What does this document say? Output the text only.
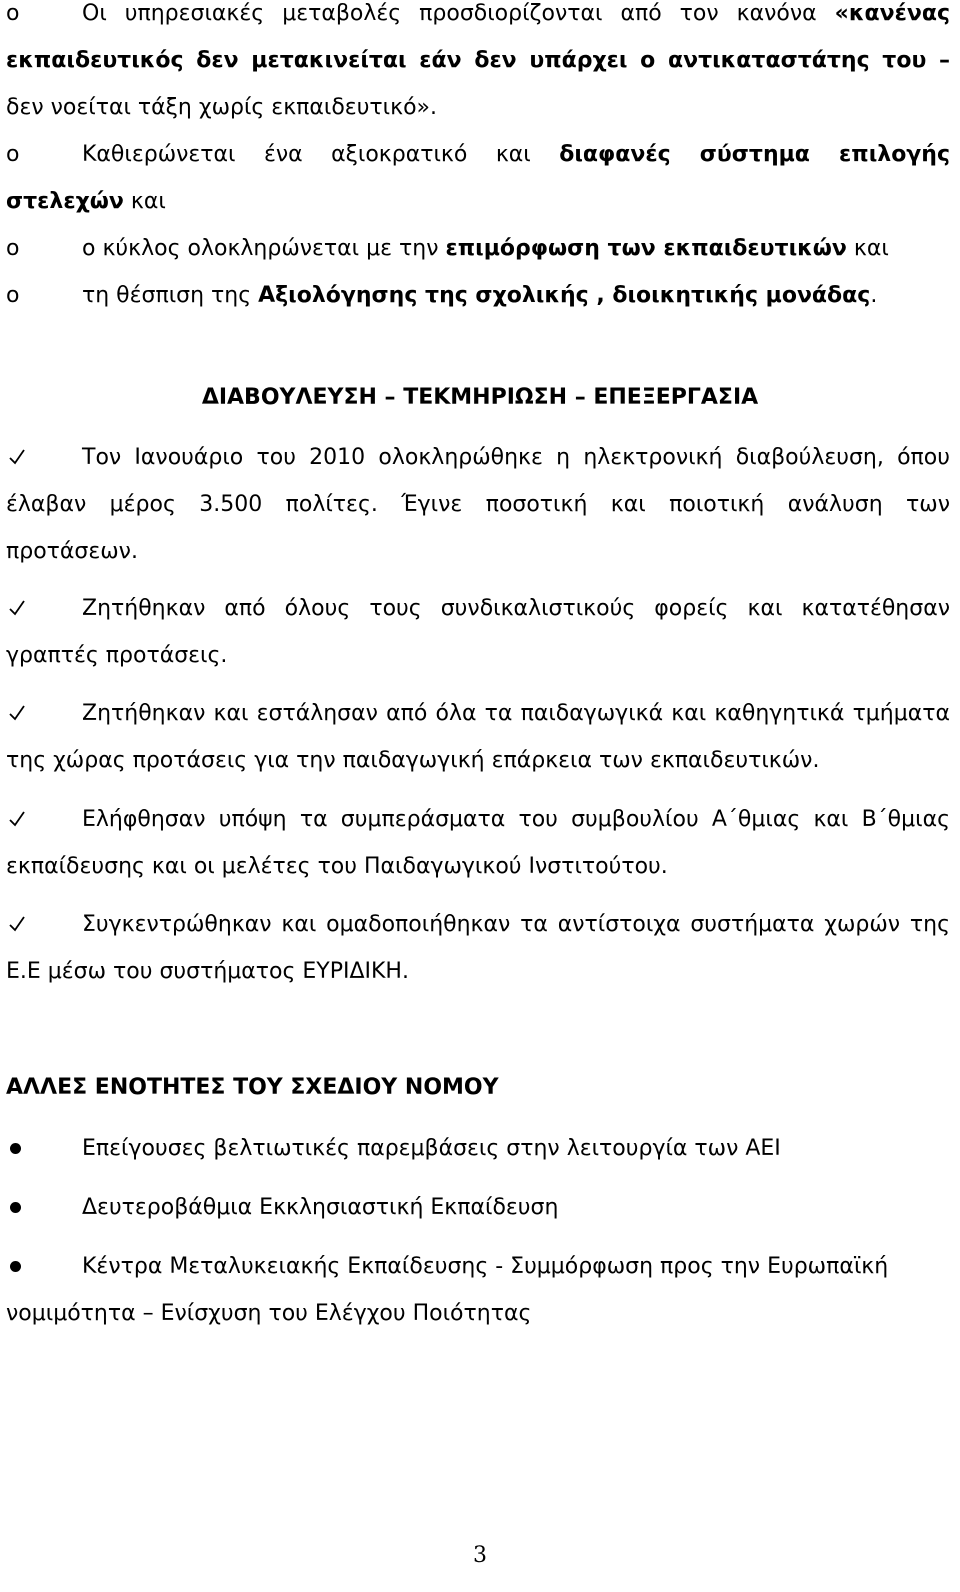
o	Οι υπηρεσιακές μεταβολές προσδιορίζονται από τον κανόνα «κανένας
εκπαιδευτικός δεν μετακινείται εάν δεν υπάρχει ο αντικαταστάτης του –
δεν νοείται τάξη χωρίς εκπαιδευτικό».
o	Καθιερώνεται ένα αξιοκρατικό και διαφανές σύστημα επιλογής
στελεχών και
o	ο κύκλος ολοκληρώνεται με την επιμόρφωση των εκπαιδευτικών και
o	τη θέσπιση της Αξιολόγησης της σχολικής , διοικητικής μονάδας.
ΔΙΑΒΟΥΛΕΥΣΗ – ΤΕΚΜΗΡΙΩΣΗ – ΕΠΕΞΕΡΓΑΣΙΑ
Τον Ιανουάριο του 2010 ολοκληρώθηκε η ηλεκτρονική διαβούλευση, όπου
έλαβαν μέρος 3.500 πολίτες. Έγινε ποσοτική και ποιοτική ανάλυση των
προτάσεων.
Ζητήθηκαν από όλους τους συνδικαλιστικούς φορείς και κατατέθησαν
γραπτές προτάσεις.
Ζητήθηκαν και εστάλησαν από όλα τα παιδαγωγικά και καθηγητικά τμήματα
της χώρας προτάσεις για την παιδαγωγική επάρκεια των εκπαιδευτικών.
Ελήφθησαν υπόψη τα συμπεράσματα του συμβουλίου Α΄θμιας και Β΄θμιας
εκπαίδευσης και οι μελέτες του Παιδαγωγικού Ινστιτούτου.
Συγκεντρώθηκαν και ομαδοποιήθηκαν τα αντίστοιχα συστήματα χωρών της
Ε.Ε μέσω του συστήματος ΕΥΡΙΔΙΚΗ.
ΑΛΛΕΣ ΕΝΟΤΗΤΕΣ ΤΟΥ ΣΧΕΔΙΟΥ ΝΟΜΟΥ
Επείγουσες βελτιωτικές παρεμβάσεις στην λειτουργία των ΑΕΙ
Δευτεροβάθμια Εκκλησιαστική Εκπαίδευση
Κέντρα Μεταλυκειακής Εκπαίδευσης - Συμμόρφωση προς την Ευρωπαϊκή
νομιμότητα – Ενίσχυση του Ελέγχου Ποιότητας
3
